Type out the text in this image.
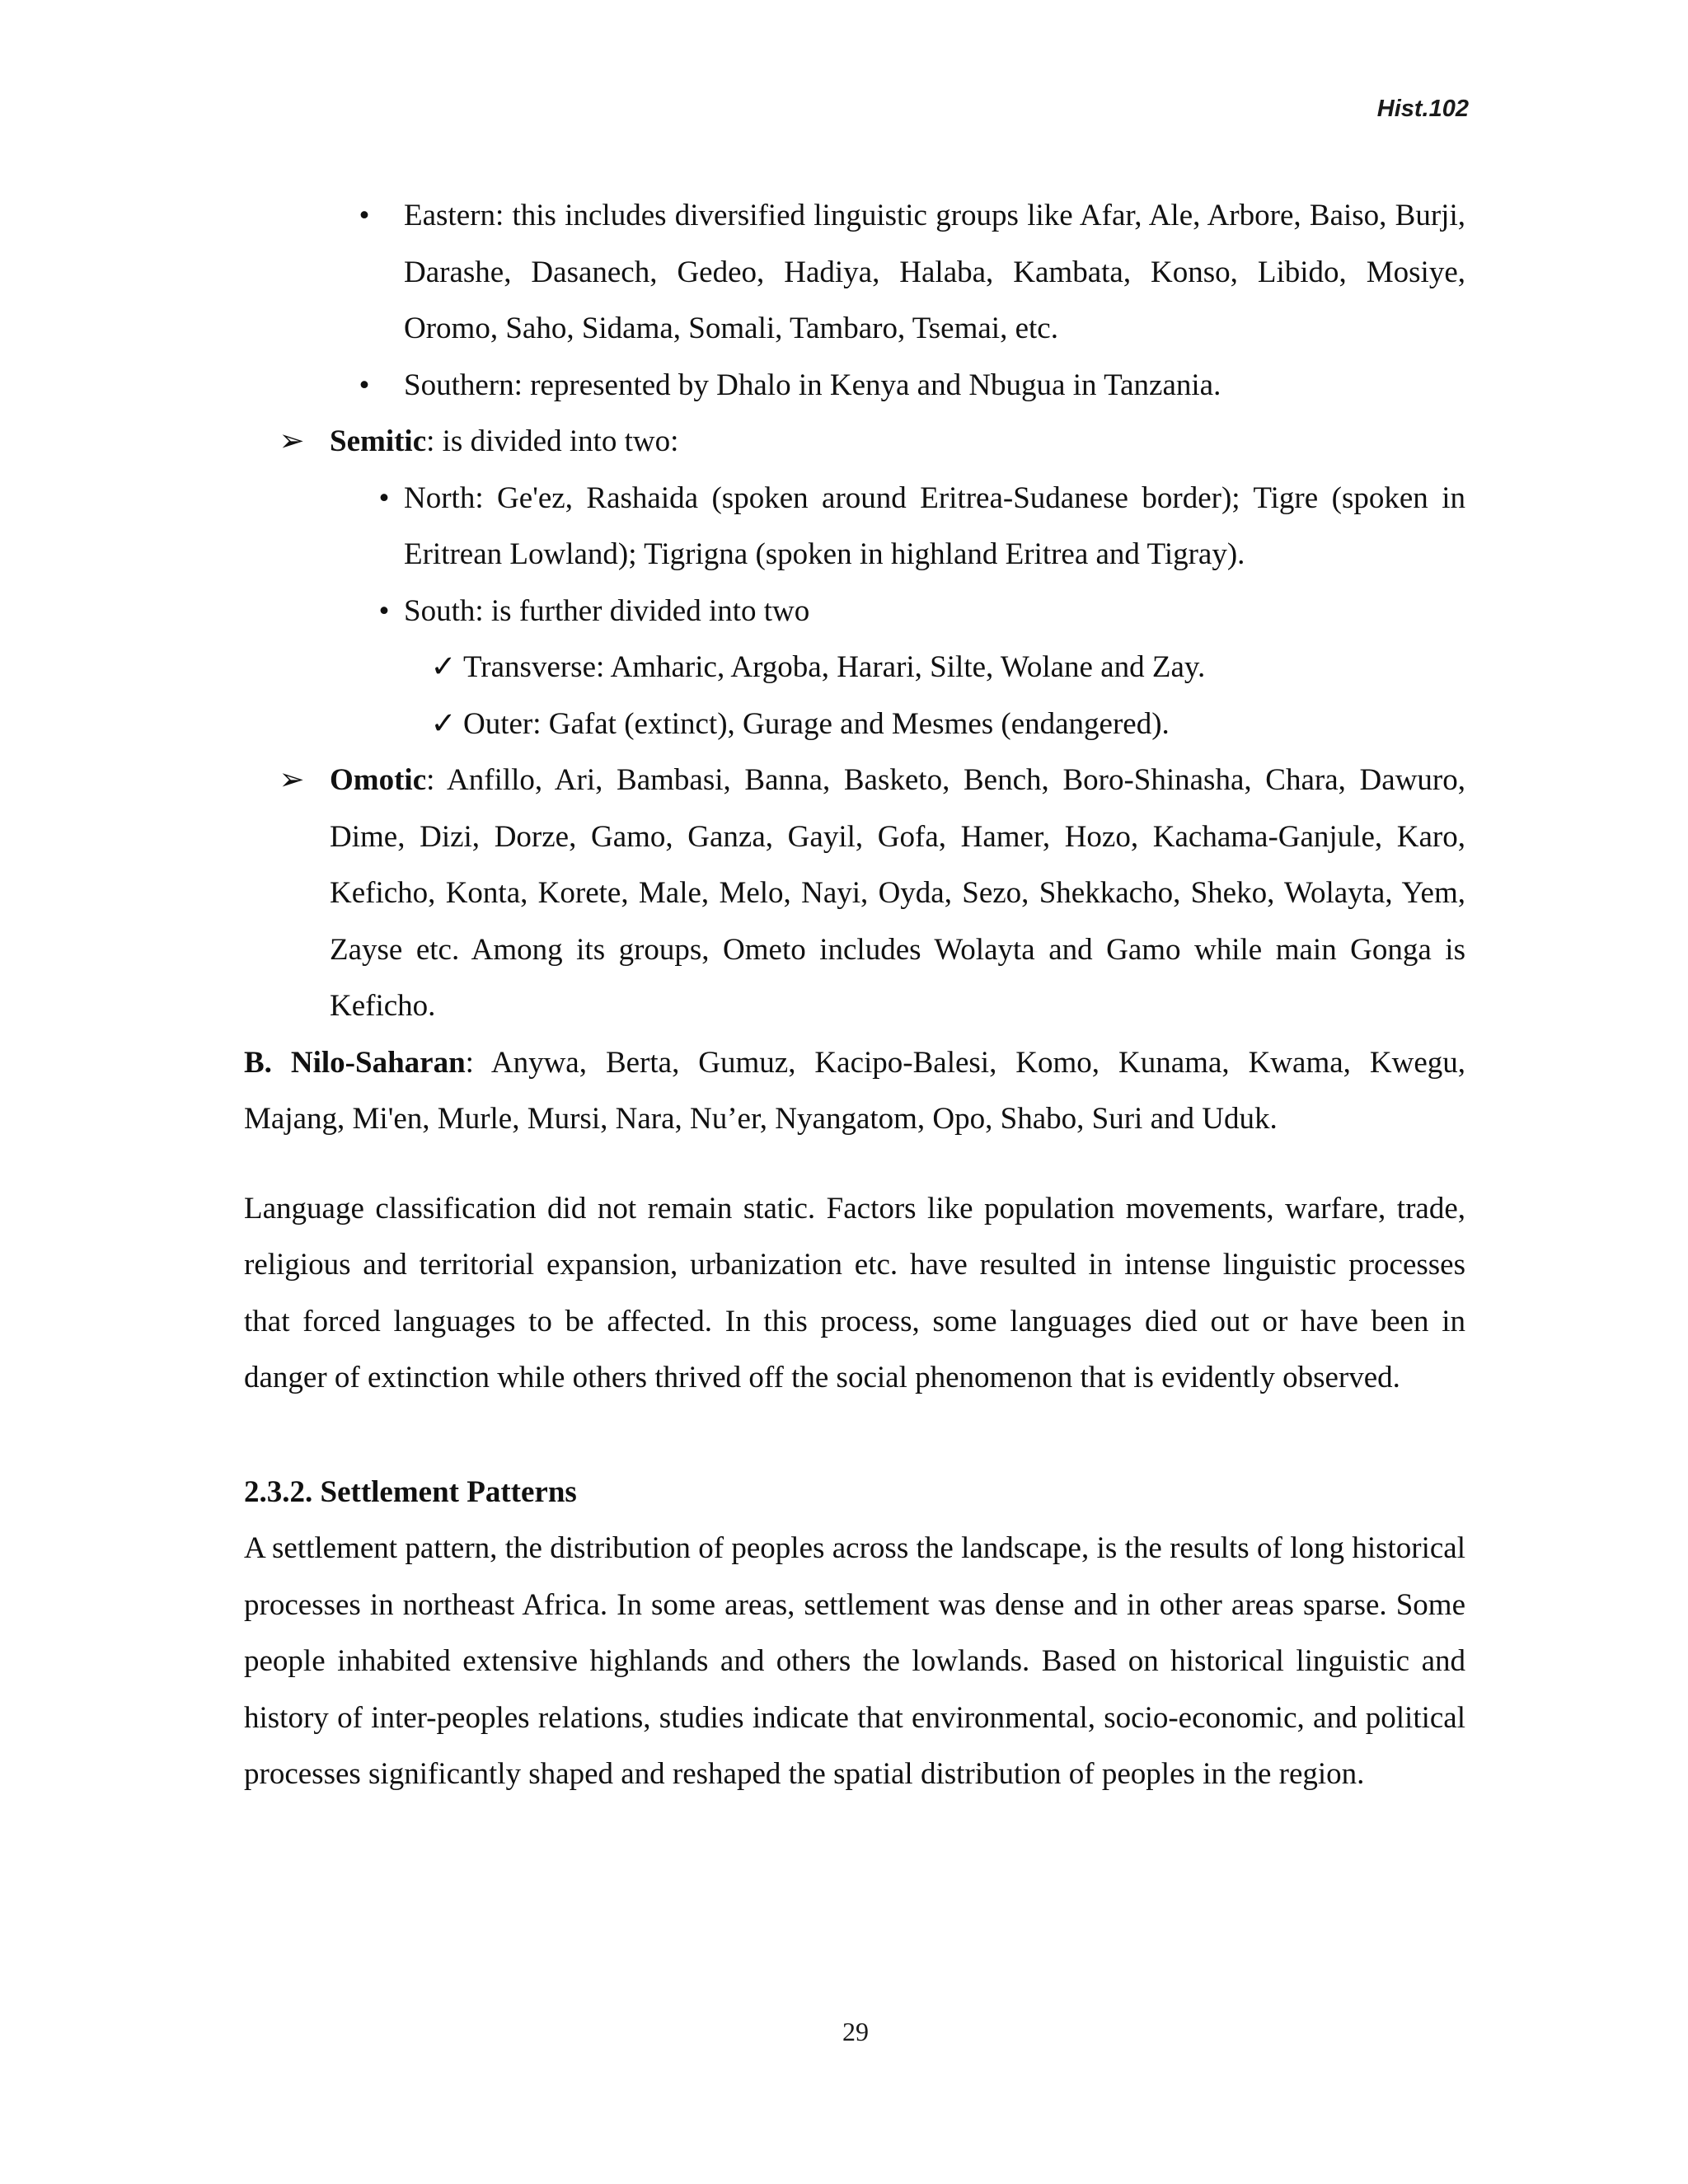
Hist.102
•	Eastern: this includes diversified linguistic groups like Afar, Ale, Arbore, Baiso, Burji, Darashe, Dasanech, Gedeo, Hadiya, Halaba, Kambata, Konso, Libido, Mosiye, Oromo, Saho, Sidama, Somali, Tambaro, Tsemai, etc.
•	Southern: represented by Dhalo in Kenya and Nbugua in Tanzania.
➢ Semitic: is divided into two:
• North: Ge'ez, Rashaida (spoken around Eritrea-Sudanese border); Tigre (spoken in Eritrean Lowland); Tigrigna (spoken in highland Eritrea and Tigray).
• South: is further divided into two
✓ Transverse: Amharic, Argoba, Harari, Silte, Wolane and Zay.
✓ Outer: Gafat (extinct), Gurage and Mesmes (endangered).
➢ Omotic: Anfillo, Ari, Bambasi, Banna, Basketo, Bench, Boro-Shinasha, Chara, Dawuro, Dime, Dizi, Dorze, Gamo, Ganza, Gayil, Gofa, Hamer, Hozo, Kachama-Ganjule, Karo, Keficho, Konta, Korete, Male, Melo, Nayi, Oyda, Sezo, Shekkacho, Sheko, Wolayta, Yem, Zayse etc. Among its groups, Ometo includes Wolayta and Gamo while main Gonga is Keficho.

B. Nilo-Saharan: Anywa, Berta, Gumuz, Kacipo-Balesi, Komo, Kunama, Kwama, Kwegu, Majang, Mi'en, Murle, Mursi, Nara, Nu’er, Nyangatom, Opo, Shabo, Suri and Uduk.

Language classification did not remain static. Factors like population movements, warfare, trade, religious and territorial expansion, urbanization etc. have resulted in intense linguistic processes that forced languages to be affected. In this process, some languages died out or have been in danger of extinction while others thrived off the social phenomenon that is evidently observed.

2.3.2. Settlement Patterns

A settlement pattern, the distribution of peoples across the landscape, is the results of long historical processes in northeast Africa. In some areas, settlement was dense and in other areas sparse. Some people inhabited extensive highlands and others the lowlands. Based on historical linguistic and history of inter-peoples relations, studies indicate that environmental, socio-economic, and political processes significantly shaped and reshaped the spatial distribution of peoples in the region.

29
